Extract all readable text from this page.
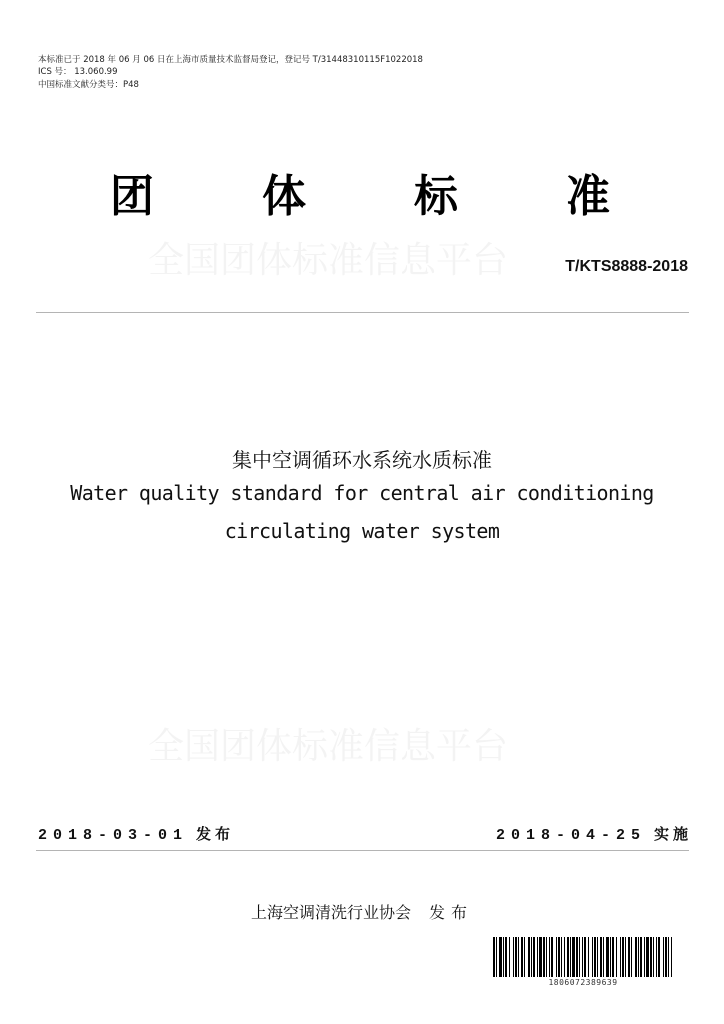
本标准已于 2018 年 06 月 06 日在上海市质量技术监督局登记，登记号 T/31448310115F1022018
ICS 号： 13.060.99
中国标准文献分类号：P48
全国团体标准信息平台
团 体 标 准
T/KTS8888-2018
集中空调循环水系统水质标准
Water quality standard for central air conditioning
circulating water system
全国团体标准信息平台
2018-03-01 发布	2018-04-25 实施
上海空调清洗行业协会 发布
1806072389639
